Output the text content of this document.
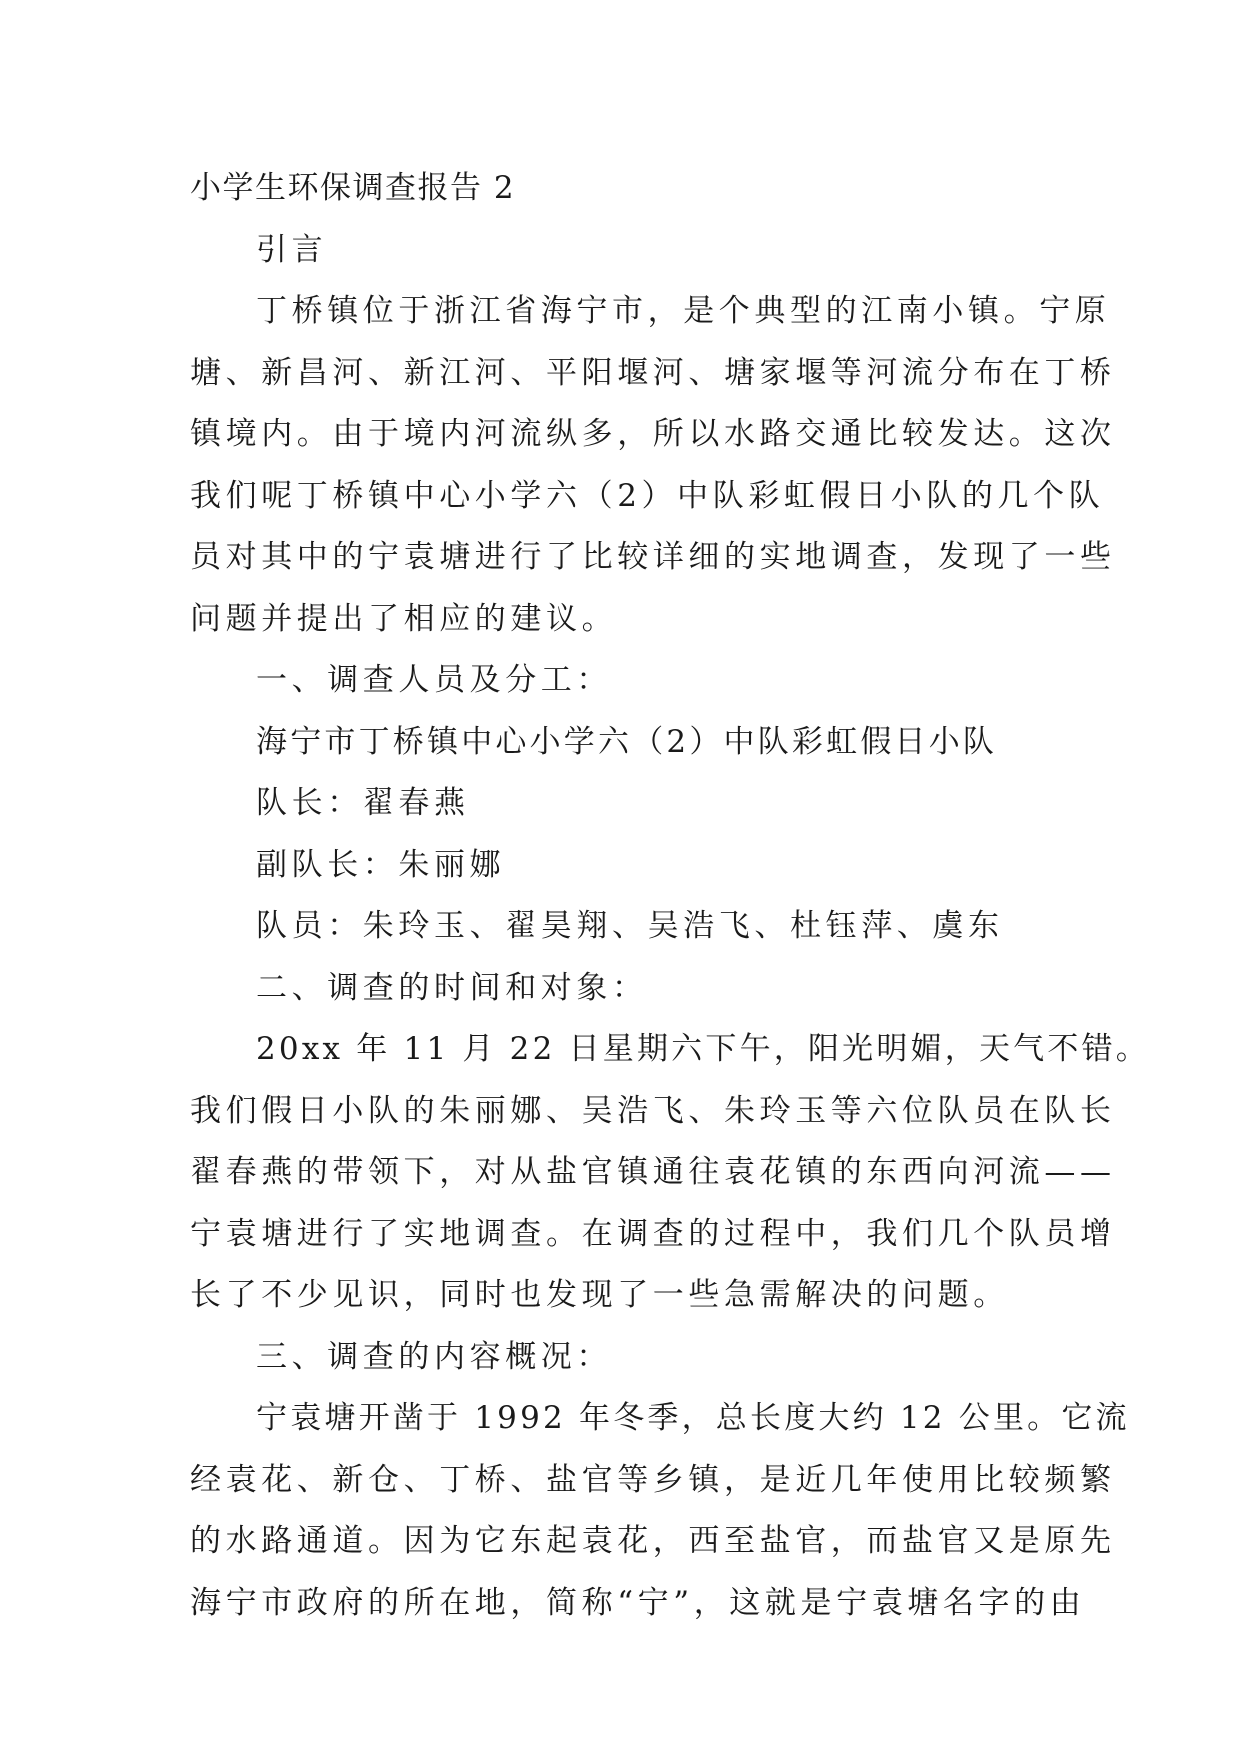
小学生环保调查报告 2
引言
丁桥镇位于浙江省海宁市，是个典型的江南小镇。宁原
塘、新昌河、新江河、平阳堰河、塘家堰等河流分布在丁桥
镇境内。由于境内河流纵多，所以水路交通比较发达。这次
我们呢丁桥镇中心小学六（2）中队彩虹假日小队的几个队
员对其中的宁袁塘进行了比较详细的实地调查，发现了一些
问题并提出了相应的建议。
一、调查人员及分工：
海宁市丁桥镇中心小学六（2）中队彩虹假日小队
队长：翟春燕
副队长：朱丽娜
队员：朱玲玉、翟昊翔、吴浩飞、杜钰萍、虞东
二、调查的时间和对象：
20xx 年 11 月 22 日星期六下午，阳光明媚，天气不错。
我们假日小队的朱丽娜、吴浩飞、朱玲玉等六位队员在队长
翟春燕的带领下，对从盐官镇通往袁花镇的东西向河流——
宁袁塘进行了实地调查。在调查的过程中，我们几个队员增
长了不少见识，同时也发现了一些急需解决的问题。
三、调查的内容概况：
宁袁塘开凿于 1992 年冬季，总长度大约 12 公里。它流
经袁花、新仓、丁桥、盐官等乡镇，是近几年使用比较频繁
的水路通道。因为它东起袁花，西至盐官，而盐官又是原先
海宁市政府的所在地，简称“宁”，这就是宁袁塘名字的由
